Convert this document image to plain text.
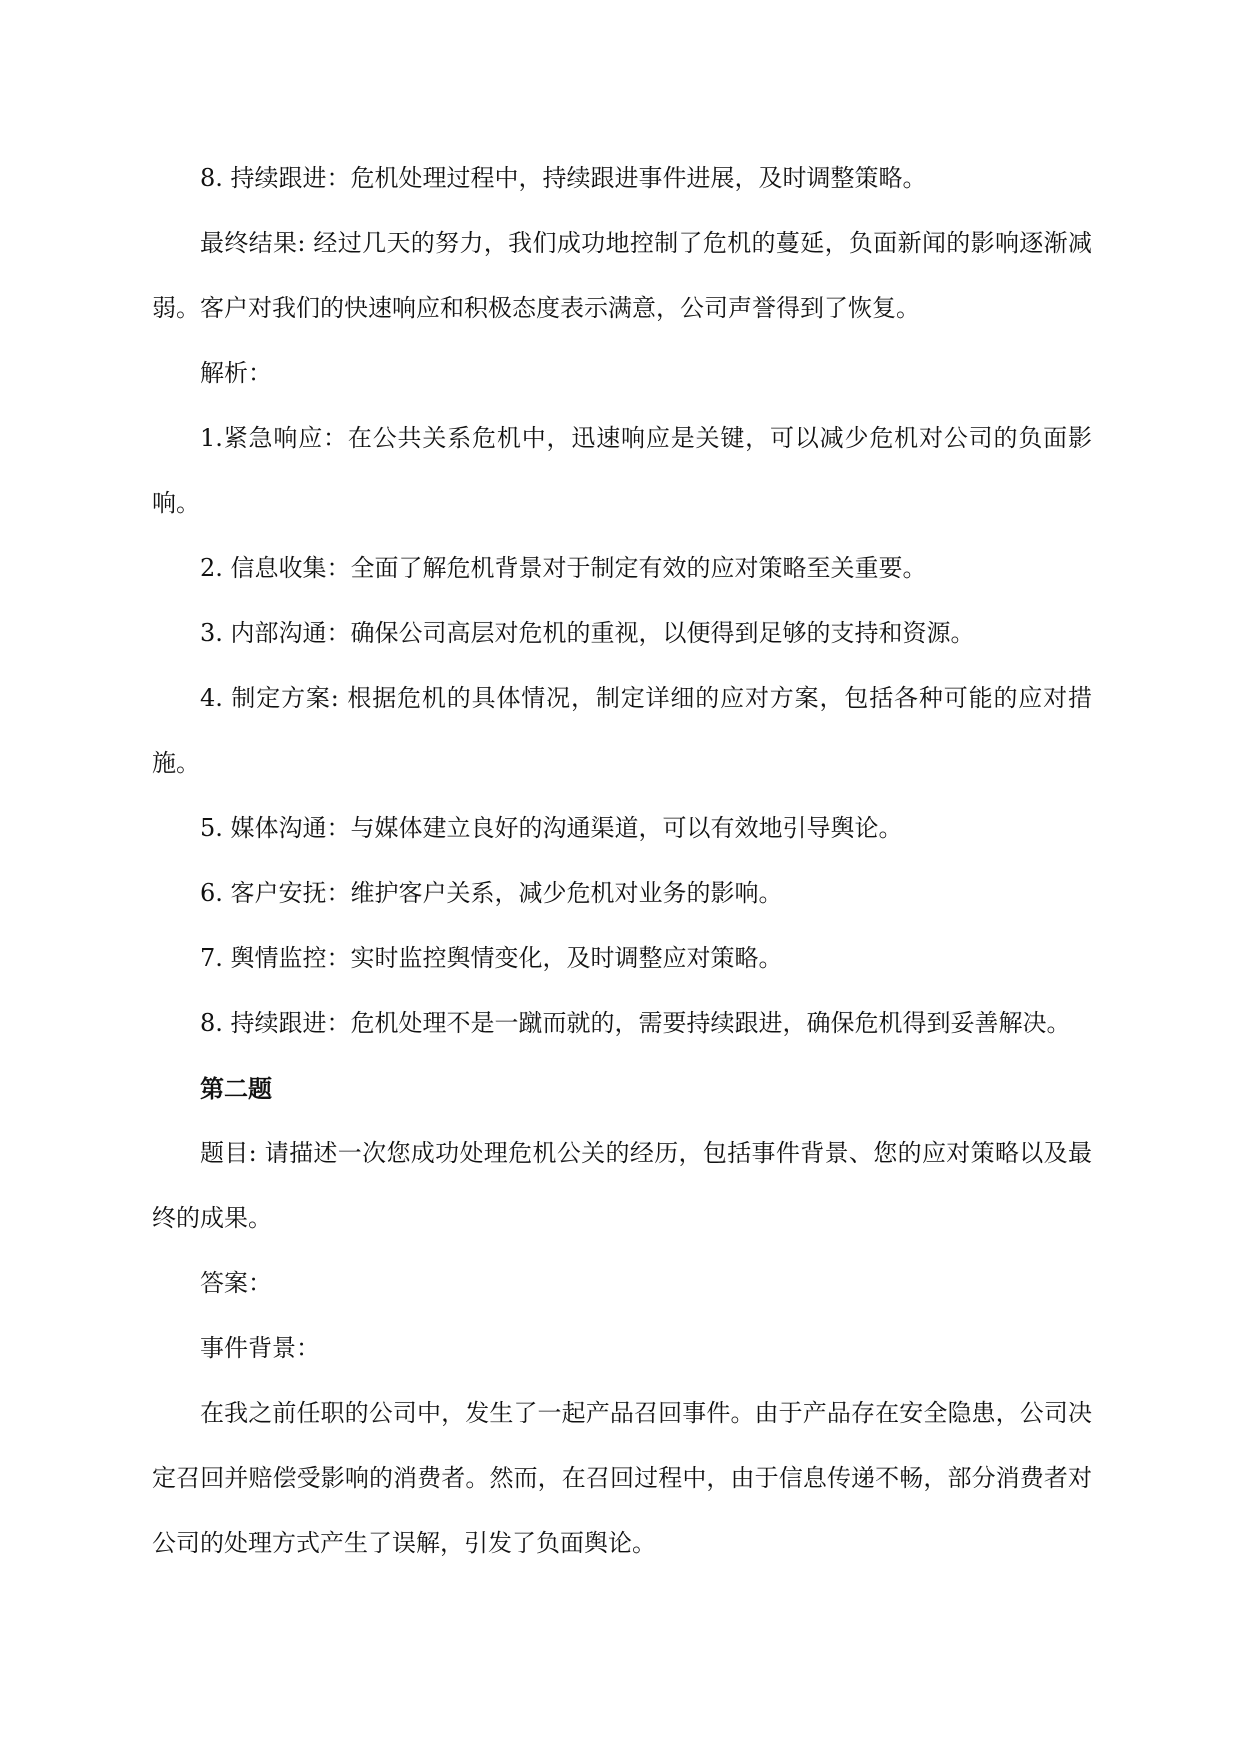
8. 持续跟进：危机处理过程中，持续跟进事件进展，及时调整策略。

最终结果: 经过几天的努力，我们成功地控制了危机的蔓延，负面新闻的影响逐渐减弱。客户对我们的快速响应和积极态度表示满意，公司声誉得到了恢复。

解析：

1.紧急响应：在公共关系危机中，迅速响应是关键，可以减少危机对公司的负面影响。

2. 信息收集：全面了解危机背景对于制定有效的应对策略至关重要。

3. 内部沟通：确保公司高层对危机的重视，以便得到足够的支持和资源。

4. 制定方案: 根据危机的具体情况，制定详细的应对方案，包括各种可能的应对措施。

5. 媒体沟通：与媒体建立良好的沟通渠道，可以有效地引导舆论。

6. 客户安抚：维护客户关系，减少危机对业务的影响。

7. 舆情监控：实时监控舆情变化，及时调整应对策略。

8. 持续跟进：危机处理不是一蹴而就的，需要持续跟进，确保危机得到妥善解决。

第二题

题目: 请描述一次您成功处理危机公关的经历，包括事件背景、您的应对策略以及最终的成果。

答案：

事件背景：

在我之前任职的公司中，发生了一起产品召回事件。由于产品存在安全隐患，公司决定召回并赔偿受影响的消费者。然而，在召回过程中，由于信息传递不畅，部分消费者对公司的处理方式产生了误解，引发了负面舆论。
